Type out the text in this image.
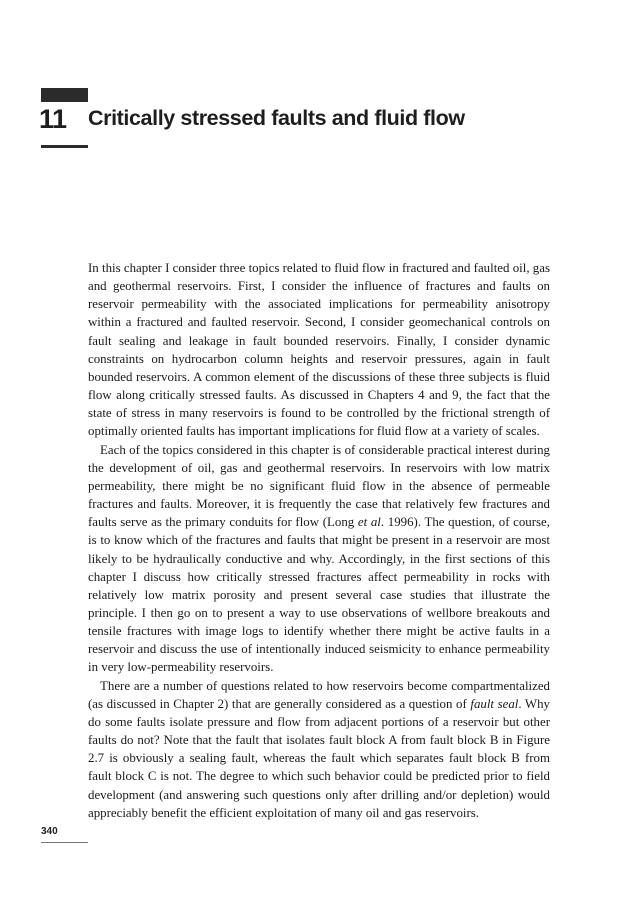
11 Critically stressed faults and fluid flow

In this chapter I consider three topics related to fluid flow in fractured and faulted oil, gas and geothermal reservoirs. First, I consider the influence of fractures and faults on reservoir permeability with the associated implications for permeability anisotropy within a fractured and faulted reservoir. Second, I consider geomechanical controls on fault sealing and leakage in fault bounded reservoirs. Finally, I consider dynamic constraints on hydrocarbon column heights and reservoir pressures, again in fault bounded reservoirs. A common element of the discussions of these three subjects is fluid flow along critically stressed faults. As discussed in Chapters 4 and 9, the fact that the state of stress in many reservoirs is found to be controlled by the frictional strength of optimally oriented faults has important implications for fluid flow at a variety of scales.

Each of the topics considered in this chapter is of considerable practical interest during the development of oil, gas and geothermal reservoirs. In reservoirs with low matrix permeability, there might be no significant fluid flow in the absence of permeable fractures and faults. Moreover, it is frequently the case that relatively few fractures and faults serve as the primary conduits for flow (Long et al. 1996). The question, of course, is to know which of the fractures and faults that might be present in a reservoir are most likely to be hydraulically conductive and why. Accordingly, in the first sections of this chapter I discuss how critically stressed fractures affect permeability in rocks with relatively low matrix porosity and present several case studies that illustrate the principle. I then go on to present a way to use observations of wellbore breakouts and tensile fractures with image logs to identify whether there might be active faults in a reservoir and discuss the use of intentionally induced seismicity to enhance permeability in very low-permeability reservoirs.

There are a number of questions related to how reservoirs become compartmentalized (as discussed in Chapter 2) that are generally considered as a question of fault seal. Why do some faults isolate pressure and flow from adjacent portions of a reservoir but other faults do not? Note that the fault that isolates fault block A from fault block B in Figure 2.7 is obviously a sealing fault, whereas the fault which separates fault block B from fault block C is not. The degree to which such behavior could be predicted prior to field development (and answering such questions only after drilling and/or depletion) would appreciably benefit the efficient exploitation of many oil and gas reservoirs.

340
